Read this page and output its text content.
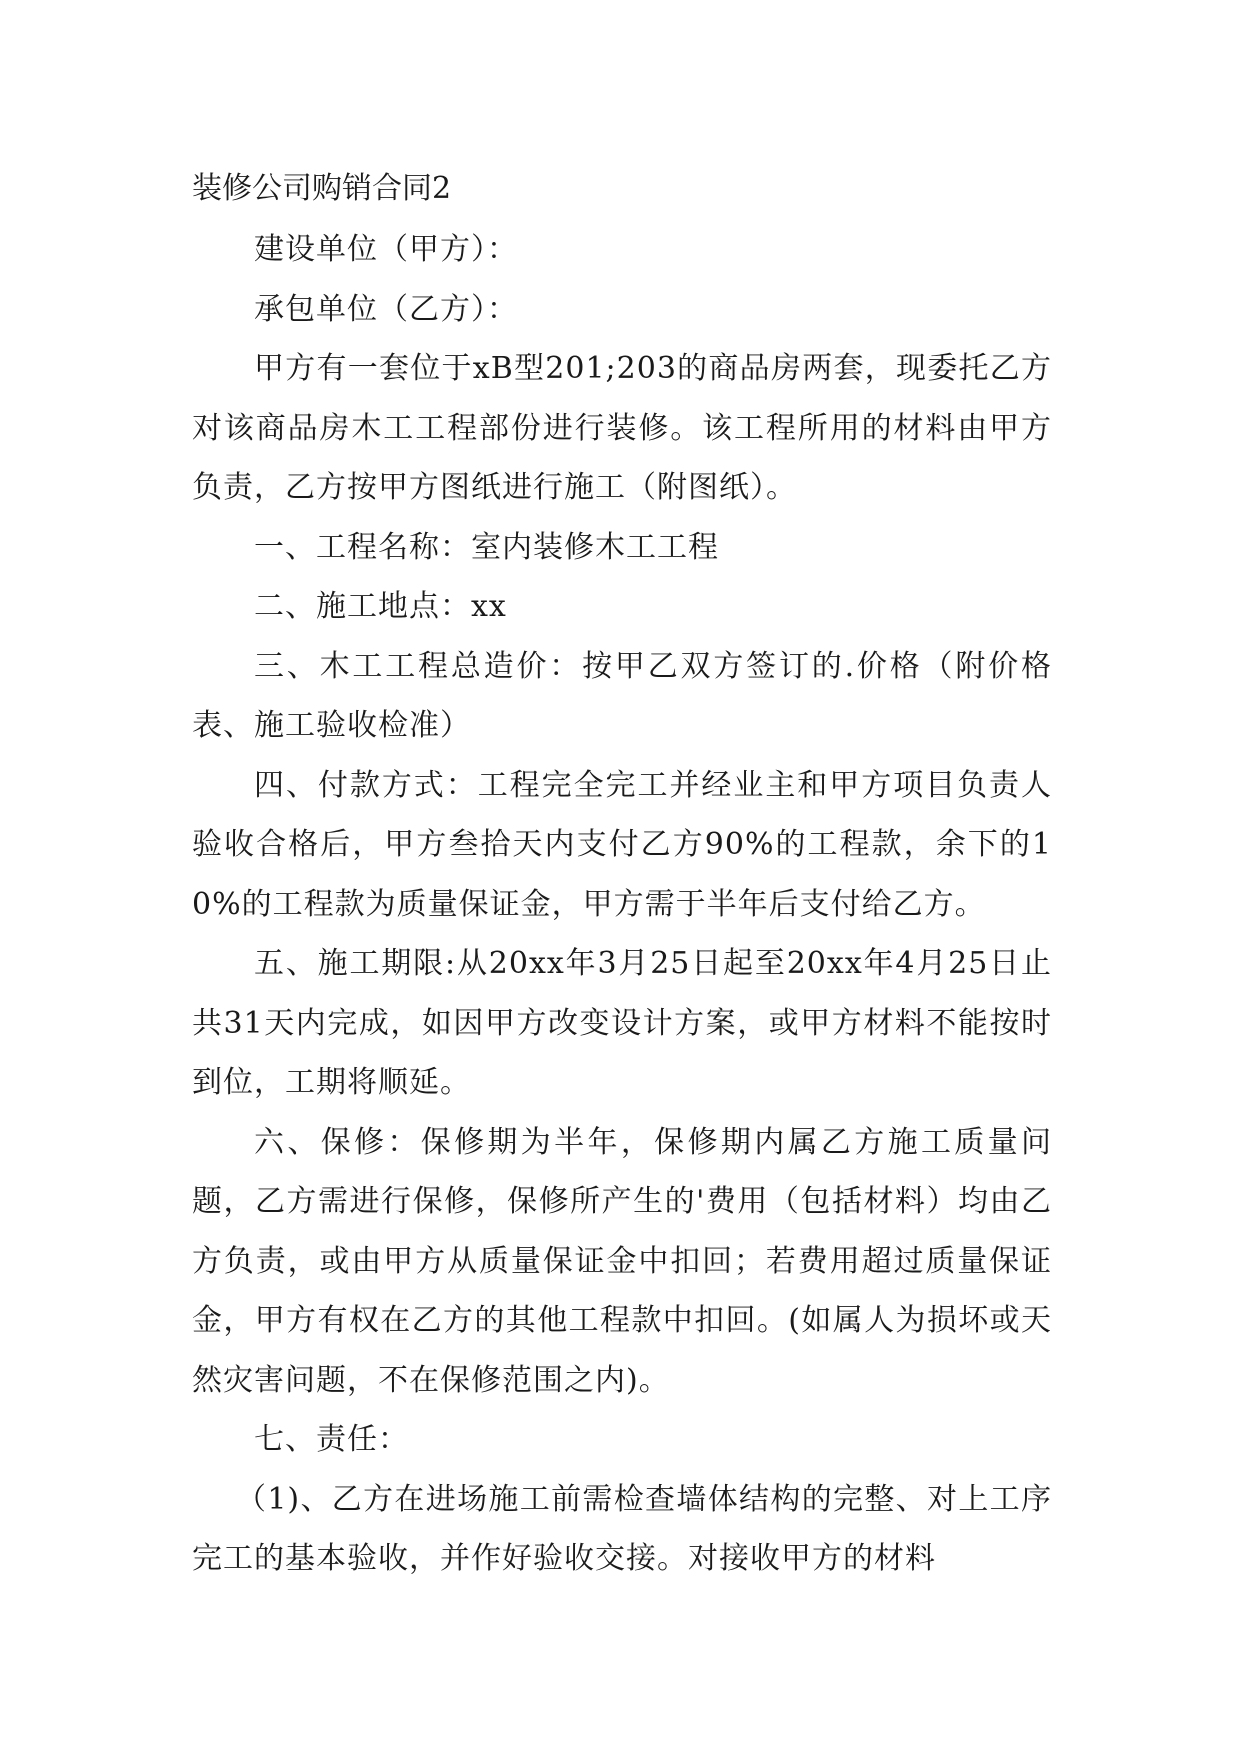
装修公司购销合同2

建设单位（甲方）：

承包单位（乙方）：

甲方有一套位于xB型201;203的商品房两套，现委托乙方对该商品房木工工程部份进行装修。该工程所用的材料由甲方负责，乙方按甲方图纸进行施工（附图纸）。

一、工程名称：室内装修木工工程

二、施工地点：xx

三、木工工程总造价：按甲乙双方签订的.价格（附价格表、施工验收检准）

四、付款方式：工程完全完工并经业主和甲方项目负责人验收合格后，甲方叁拾天内支付乙方90%的工程款，余下的10%的工程款为质量保证金，甲方需于半年后支付给乙方。

五、施工期限:从20xx年3月25日起至20xx年4月25日止共31天内完成，如因甲方改变设计方案，或甲方材料不能按时到位，工期将顺延。

六、保修：保修期为半年，保修期内属乙方施工质量问题，乙方需进行保修，保修所产生的'费用（包括材料）均由乙方负责，或由甲方从质量保证金中扣回；若费用超过质量保证金，甲方有权在乙方的其他工程款中扣回。(如属人为损坏或天然灾害问题，不在保修范围之内)。

七、责任：

（1)、乙方在进场施工前需检查墙体结构的完整、对上工序完工的基本验收，并作好验收交接。对接收甲方的材料
